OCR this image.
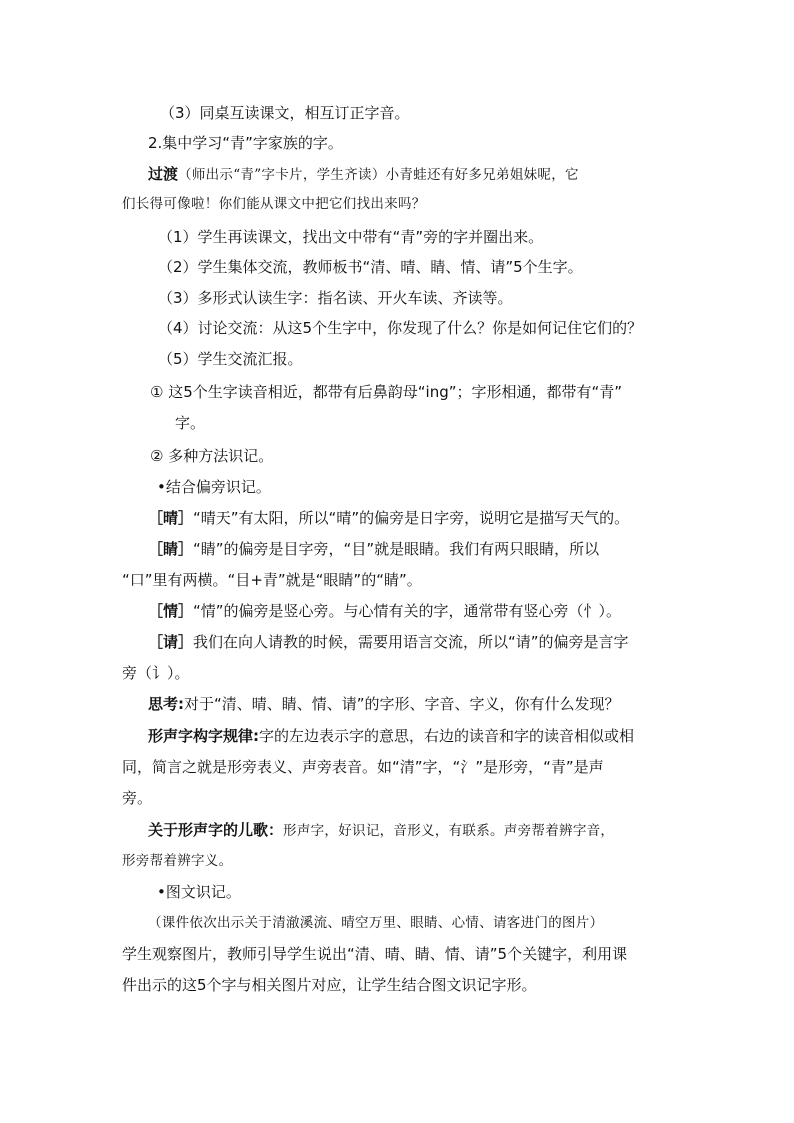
（3）同桌互读课文，相互订正字音。
2.集中学习“青”字家族的字。
过渡（师出示“青”字卡片，学生齐读）小青蛙还有好多兄弟姐妹呢，它
们长得可像啦！你们能从课文中把它们找出来吗？
（1）学生再读课文，找出文中带有“青”旁的字并圈出来。
（2）学生集体交流，教师板书“清、晴、睛、情、请”5个生字。
（3）多形式认读生字：指名读、开火车读、齐读等。
（4）讨论交流：从这5个生字中，你发现了什么？你是如何记住它们的？
（5）学生交流汇报。
① 这5个生字读音相近，都带有后鼻韵母“ing”；字形相通，都带有“青”
字。
② 多种方法识记。
•结合偏旁识记。
［晴］“晴天”有太阳，所以“晴”的偏旁是日字旁，说明它是描写天气的。
［睛］“睛”的偏旁是目字旁，“目”就是眼睛。我们有两只眼睛，所以
“口”里有两横。“目+青”就是“眼睛”的“睛”。
［情］“情”的偏旁是竖心旁。与心情有关的字，通常带有竖心旁（忄）。
［请］我们在向人请教的时候，需要用语言交流，所以“请”的偏旁是言字
旁（讠）。
思考:对于“清、晴、睛、情、请”的字形、字音、字义，你有什么发现？
形声字构字规律:字的左边表示字的意思，右边的读音和字的读音相似或相
同，简言之就是形旁表义、声旁表音。如“清”字，“氵”是形旁，“青”是声
旁。
关于形声字的儿歌：形声字，好识记，音形义，有联系。声旁帮着辨字音，
形旁帮着辨字义。
•图文识记。
（课件依次出示关于清澈溪流、晴空万里、眼睛、心情、请客进门的图片）
学生观察图片，教师引导学生说出“清、晴、睛、情、请”5个关键字，利用课
件出示的这5个字与相关图片对应，让学生结合图文识记字形。
